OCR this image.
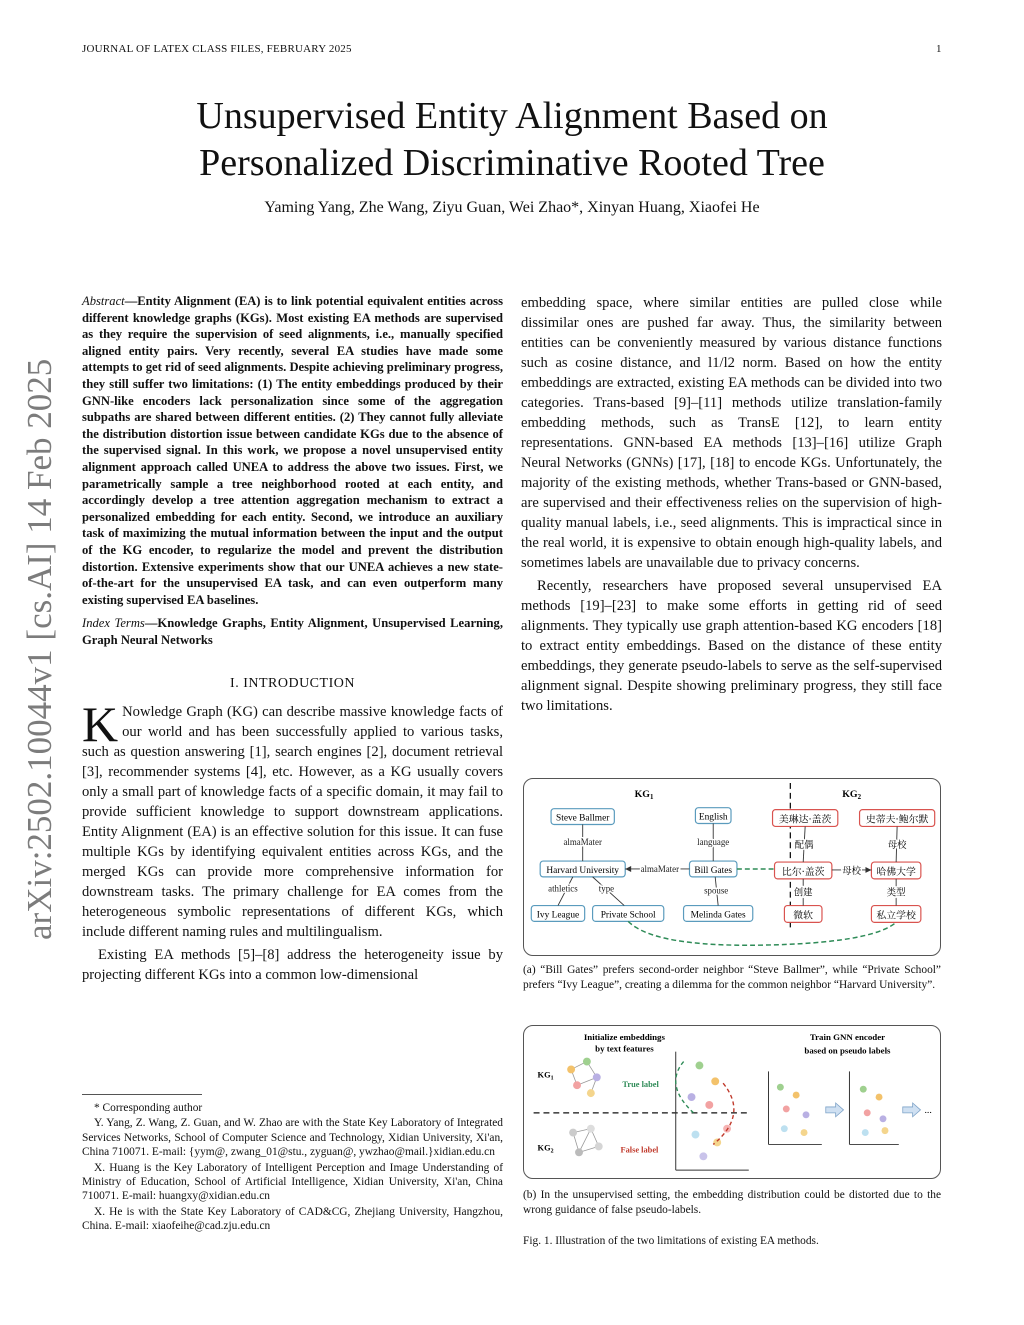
JOURNAL OF LATEX CLASS FILES, FEBRUARY 2025	1
arXiv:2502.10044v1 [cs.AI] 14 Feb 2025
Unsupervised Entity Alignment Based on
Personalized Discriminative Rooted Tree
Yaming Yang, Zhe Wang, Ziyu Guan, Wei Zhao*, Xinyan Huang, Xiaofei He
Abstract—Entity Alignment (EA) is to link potential equivalent entities across different knowledge graphs (KGs). Most existing EA methods are supervised as they require the supervision of seed alignments, i.e., manually specified aligned entity pairs. Very recently, several EA studies have made some attempts to get rid of seed alignments. Despite achieving preliminary progress, they still suffer two limitations: (1) The entity embeddings produced by their GNN-like encoders lack personalization since some of the aggregation subpaths are shared between different entities. (2) They cannot fully alleviate the distribution distortion issue between candidate KGs due to the absence of the supervised signal. In this work, we propose a novel unsupervised entity alignment approach called UNEA to address the above two issues. First, we parametrically sample a tree neighborhood rooted at each entity, and accordingly develop a tree attention aggregation mechanism to extract a personalized embedding for each entity. Second, we introduce an auxiliary task of maximizing the mutual information between the input and the output of the KG encoder, to regularize the model and prevent the distribution distortion. Extensive experiments show that our UNEA achieves a new state-of-the-art for the unsupervised EA task, and can even outperform many existing supervised EA baselines.
Index Terms—Knowledge Graphs, Entity Alignment, Unsupervised Learning, Graph Neural Networks
I. INTRODUCTION
K Nowledge Graph (KG) can describe massive knowledge facts of our world and has been successfully applied to various tasks, such as question answering [1], search engines [2], document retrieval [3], recommender systems [4], etc. However, as a KG usually covers only a small part of knowledge facts of a specific domain, it may fail to provide sufficient knowledge to support downstream applications. Entity Alignment (EA) is an effective solution for this issue. It can fuse multiple KGs by identifying equivalent entities across KGs, and the merged KGs can provide more comprehensive information for downstream tasks. The primary challenge for EA comes from the heterogeneous symbolic representations of different KGs, which include different naming rules and multilingualism.
Existing EA methods [5]–[8] address the heterogeneity issue by projecting different KGs into a common low-dimensional
* Corresponding author
Y. Yang, Z. Wang, Z. Guan, and W. Zhao are with the State Key Laboratory of Integrated Services Networks, School of Computer Science and Technology, Xidian University, Xi'an, China 710071. E-mail: {yym@, zwang_01@stu., zyguan@, ywzhao@mail.}xidian.edu.cn
X. Huang is the Key Laboratory of Intelligent Perception and Image Understanding of Ministry of Education, School of Artificial Intelligence, Xidian University, Xi'an, China 710071. E-mail: huangxy@xidian.edu.cn
X. He is with the State Key Laboratory of CAD&CG, Zhejiang University, Hangzhou, China. E-mail: xiaofeihe@cad.zju.edu.cn
embedding space, where similar entities are pulled close while dissimilar ones are pushed far away. Thus, the similarity between entities can be conveniently measured by various distance functions such as cosine distance, and l1/l2 norm. Based on how the entity embeddings are extracted, existing EA methods can be divided into two categories. Trans-based [9]–[11] methods utilize translation-family embedding methods, such as TransE [12], to learn entity representations. GNN-based EA methods [13]–[16] utilize Graph Neural Networks (GNNs) [17], [18] to encode KGs. Unfortunately, the majority of the existing methods, whether Trans-based or GNN-based, are supervised and their effectiveness relies on the supervision of high-quality manual labels, i.e., seed alignments. This is impractical since in the real world, it is expensive to obtain enough high-quality labels, and sometimes labels are unavailable due to privacy concerns.
Recently, researchers have proposed several unsupervised EA methods [19]–[23] to make some efforts in getting rid of seed alignments. They typically use graph attention-based KG encoders [18] to extract entity embeddings. Based on the distance of these entity embeddings, they generate pseudo-labels to serve as the self-supervised alignment signal. Despite showing preliminary progress, they still face two limitations.
$KG_1$	$KG_2$
Steve Ballmer	English
Harvard University	Bill Gates
Ivy League Private School	Melinda Gates
almaMater	language
almaMater
athletics type	spouse
美琳达·盖茨	史蒂夫·鲍尔默
比尔·盖茨	哈佛大学
微软	私立学校
配偶	母校
母校
创建	类型
(a) “Bill Gates” prefers second-order neighbor “Steve Ballmer”, while “Private School” prefers “Ivy League”, creating a dilemma for the common neighbor “Harvard University”.
Initialize embeddings
by text features
Train GNN encoder
based on pseudo labels
$KG_1$
$KG_2$
True label
False label
...
(b) In the unsupervised setting, the embedding distribution could be distorted due to the wrong guidance of false pseudo-labels.
Fig. 1. Illustration of the two limitations of existing EA methods.
